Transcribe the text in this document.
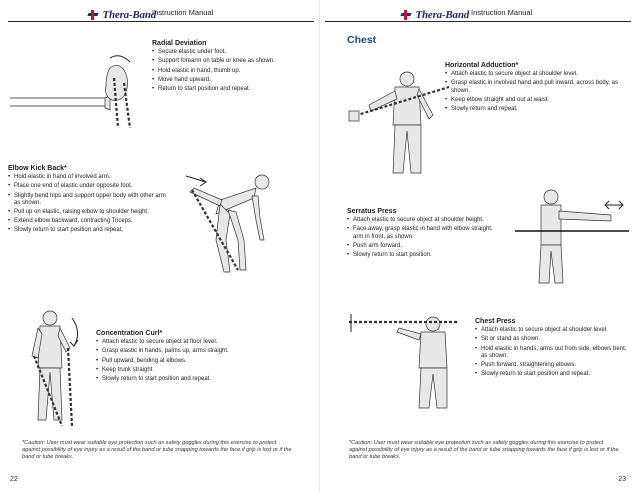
Thera-Band
Instruction Manual
Radial Deviation
• Secure elastic under foot.
• Support forearm on table or knee as shown.
• Hold elastic in hand, thumb up.
• Move hand upward.
• Return to start position and repeat.
Elbow Kick Back*
• Hold elastic in hand of involved arm.
• Place one end of elastic under opposite foot.
• Slightly bend hips and support upper body with other arm as shown.
• Pull up on elastic, raising elbow to shoulder height.
• Extend elbow backward, contracting Triceps.
• Slowly return to start position and repeat.
Concentration Curl*
• Attach elastic to secure object at floor level.
• Grasp elastic in hands, palms up, arms straight.
• Pull upward, bending at elbows.
• Keep trunk straight
• Slowly return to start position and repeat.
*Caution: User must wear suitable eye protection such as safety goggles during this exercise to protect against possibility of eye injury as a result of the band or tube snapping towards the face if grip is lost or if the band or tube breaks.
22
Thera-Band Instruction Manual
Chest
Horizontal Adduction*
• Attach elastic to secure object at shoulder level.
• Grasp elastic in involved hand and pull inward, across body, as shown.
• Keep elbow straight and out at waist.
• Slowly return and repeat.
Serratus Press
• Attach elastic to secure object at shoulder height.
• Face away, grasp elastic in hand with elbow straight, arm in front, as shown.
• Push arm forward.
• Slowly return to start position.
Chest Press
• Attach elastic to secure object at shoulder level.
• Sit or stand as shown.
• Hold elastic in hands, arms out from side, elbows bent, as shown.
• Push forward, straightening elbows.
• Slowly return to start position and repeat.
*Caution: User must wear suitable eye protection such as safety goggles during this exercise to protect against possibility of eye injury as a result of the band or tube snapping towards the face if grip is lost or if the band or tube breaks.
23
